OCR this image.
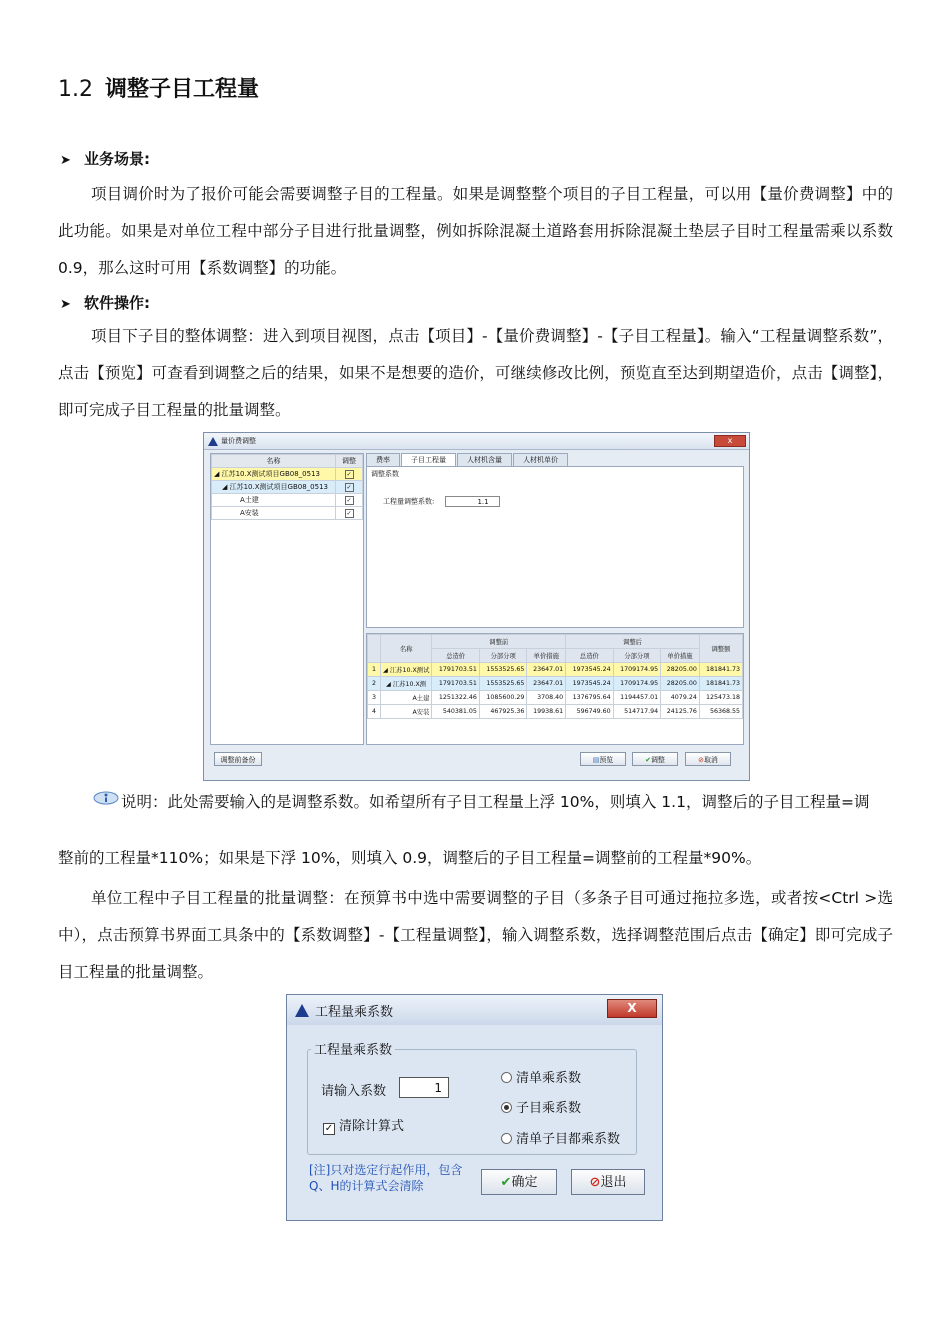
1.2 调整子目工程量
➤ 业务场景:

项目调价时为了报价可能会需要调整子目的工程量。如果是调整整个项目的子目工程量，可以用【量价费调整】中的此功能。如果是对单位工程中部分子目进行批量调整，例如拆除混凝土道路套用拆除混凝土垫层子目时工程量需乘以系数 0.9，那么这时可用【系数调整】的功能。

➤ 软件操作:

项目下子目的整体调整：进入到项目视图，点击【项目】-【量价费调整】-【子目工程量】。输入“工程量调整系数”，点击【预览】可查看到调整之后的结果，如果不是想要的造价，可继续修改比例，预览直至达到期望造价，点击【调整】，即可完成子目工程量的批量调整。

量价费调整	x
名称	调整
◢ 江苏10.X测试项目GB08_0513	✓
◢ 江苏10.X测试项目GB08_0513	✓
A土建	✓
A安装	✓
费率	子目工程量	人材机含量	人材机单价
调整系数
工程量调整系数:	1.1
	名称	调整前			调整后			调整额
		总造价	分部分项	单价措施	总造价	分部分项	单价措施	
1	◢ 江苏10.X测试	1791703.51	1553525.65	23647.01	1973545.24	1709174.95	28205.00	181841.73
2	◢ 江苏10.X测	1791703.51	1553525.65	23647.01	1973545.24	1709174.95	28205.00	181841.73
3	A土建	1251322.46	1085600.29	3708.40	1376795.64	1194457.01	4079.24	125473.18
4	A安装	540381.05	467925.36	19938.61	596749.60	514717.94	24125.76	56368.55
调整前备份	▤预览	✔调整	⊘取消
说明：此处需要输入的是调整系数。如希望所有子目工程量上浮 10%，则填入 1.1，调整后的子目工程量=调
整前的工程量*110%；如果是下浮 10%，则填入 0.9，调整后的子目工程量=调整前的工程量*90%。

单位工程中子目工程量的批量调整：在预算书中选中需要调整的子目（多条子目可通过拖拉多选，或者按<Ctrl >选中），点击预算书界面工具条中的【系数调整】-【工程量调整】，输入调整系数，选择调整范围后点击【确定】即可完成子目工程量的批量调整。

工程量乘系数	X
工程量乘系数
请输入系数	1
✓ 清除计算式
清单乘系数
子目乘系数
清单子目都乘系数
[注]只对选定行起作用，包含Q、H的计算式会清除	✔确定	⊘退出
